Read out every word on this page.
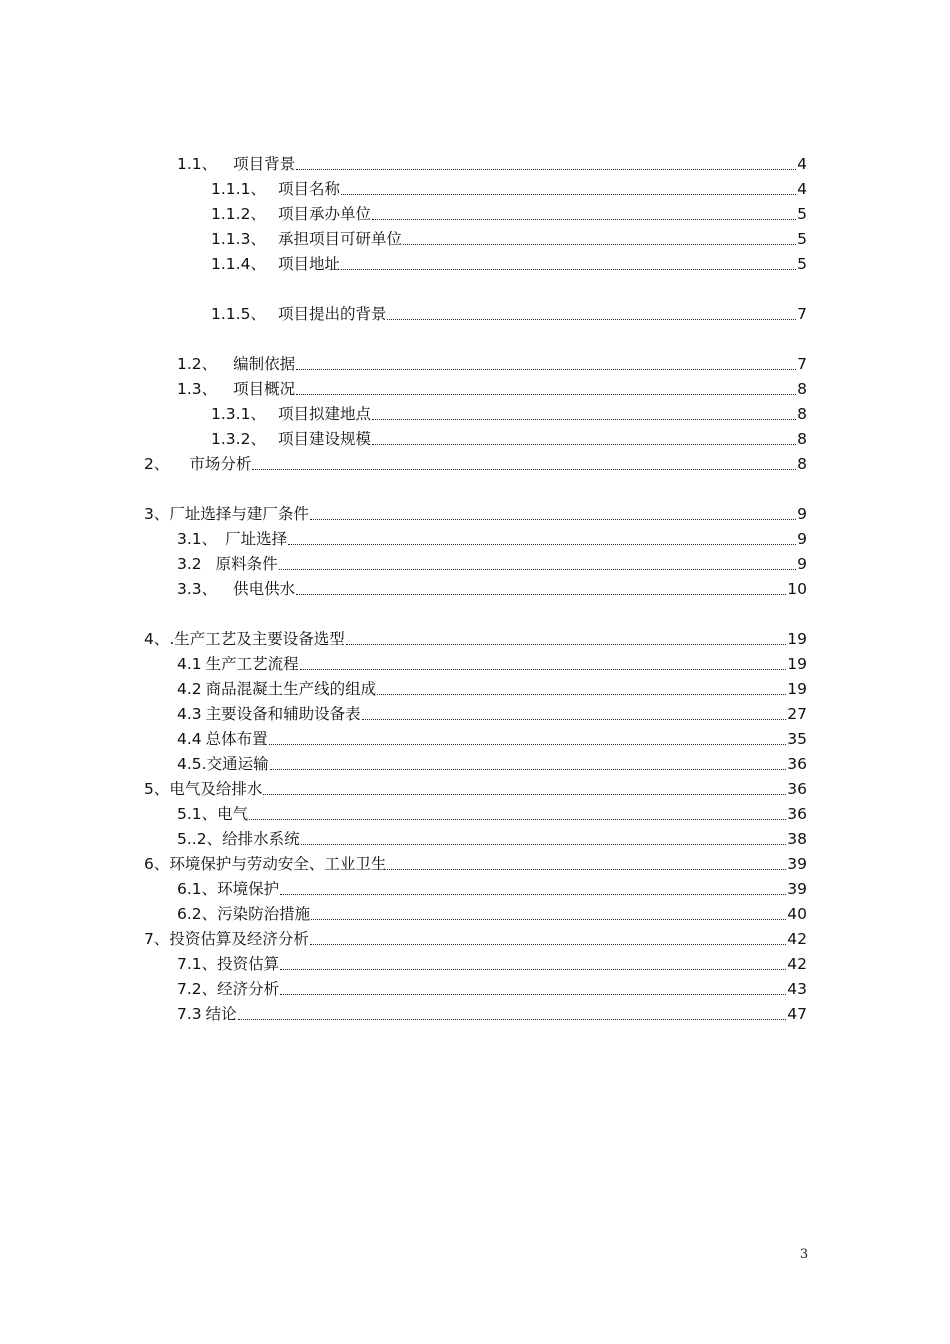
1.1、 项目背景	4
1.1.1、 项目名称	4
1.1.2、 项目承办单位	5
1.1.3、 承担项目可研单位	5
1.1.4、 项目地址	5
1.1.5、 项目提出的背景	7
1.2、 编制依据	7
1.3、 项目概况	8
1.3.1、 项目拟建地点	8
1.3.2、 项目建设规模	8
2、 市场分析	8
3、 厂址选择与建厂条件	9
3.1、 厂址选择	9
3.2 原料条件	9
3.3、 供电供水	10
4、 .生产工艺及主要设备选型	19
4.1 生产工艺流程	19
4.2 商品混凝土生产线的组成	19
4.3 主要设备和辅助设备表	27
4.4 总体布置	35
4.5. 交通运输	36
5、 电气及给排水	36
5.1、 电气	36
5..2、 给排水系统	38
6、 环境保护与劳动安全、工业卫生	39
6.1、 环境保护	39
6.2、 污染防治措施	40
7、 投资估算及经济分析	42
7.1、 投资估算	42
7.2、 经济分析	43
7.3 结论	47
3
